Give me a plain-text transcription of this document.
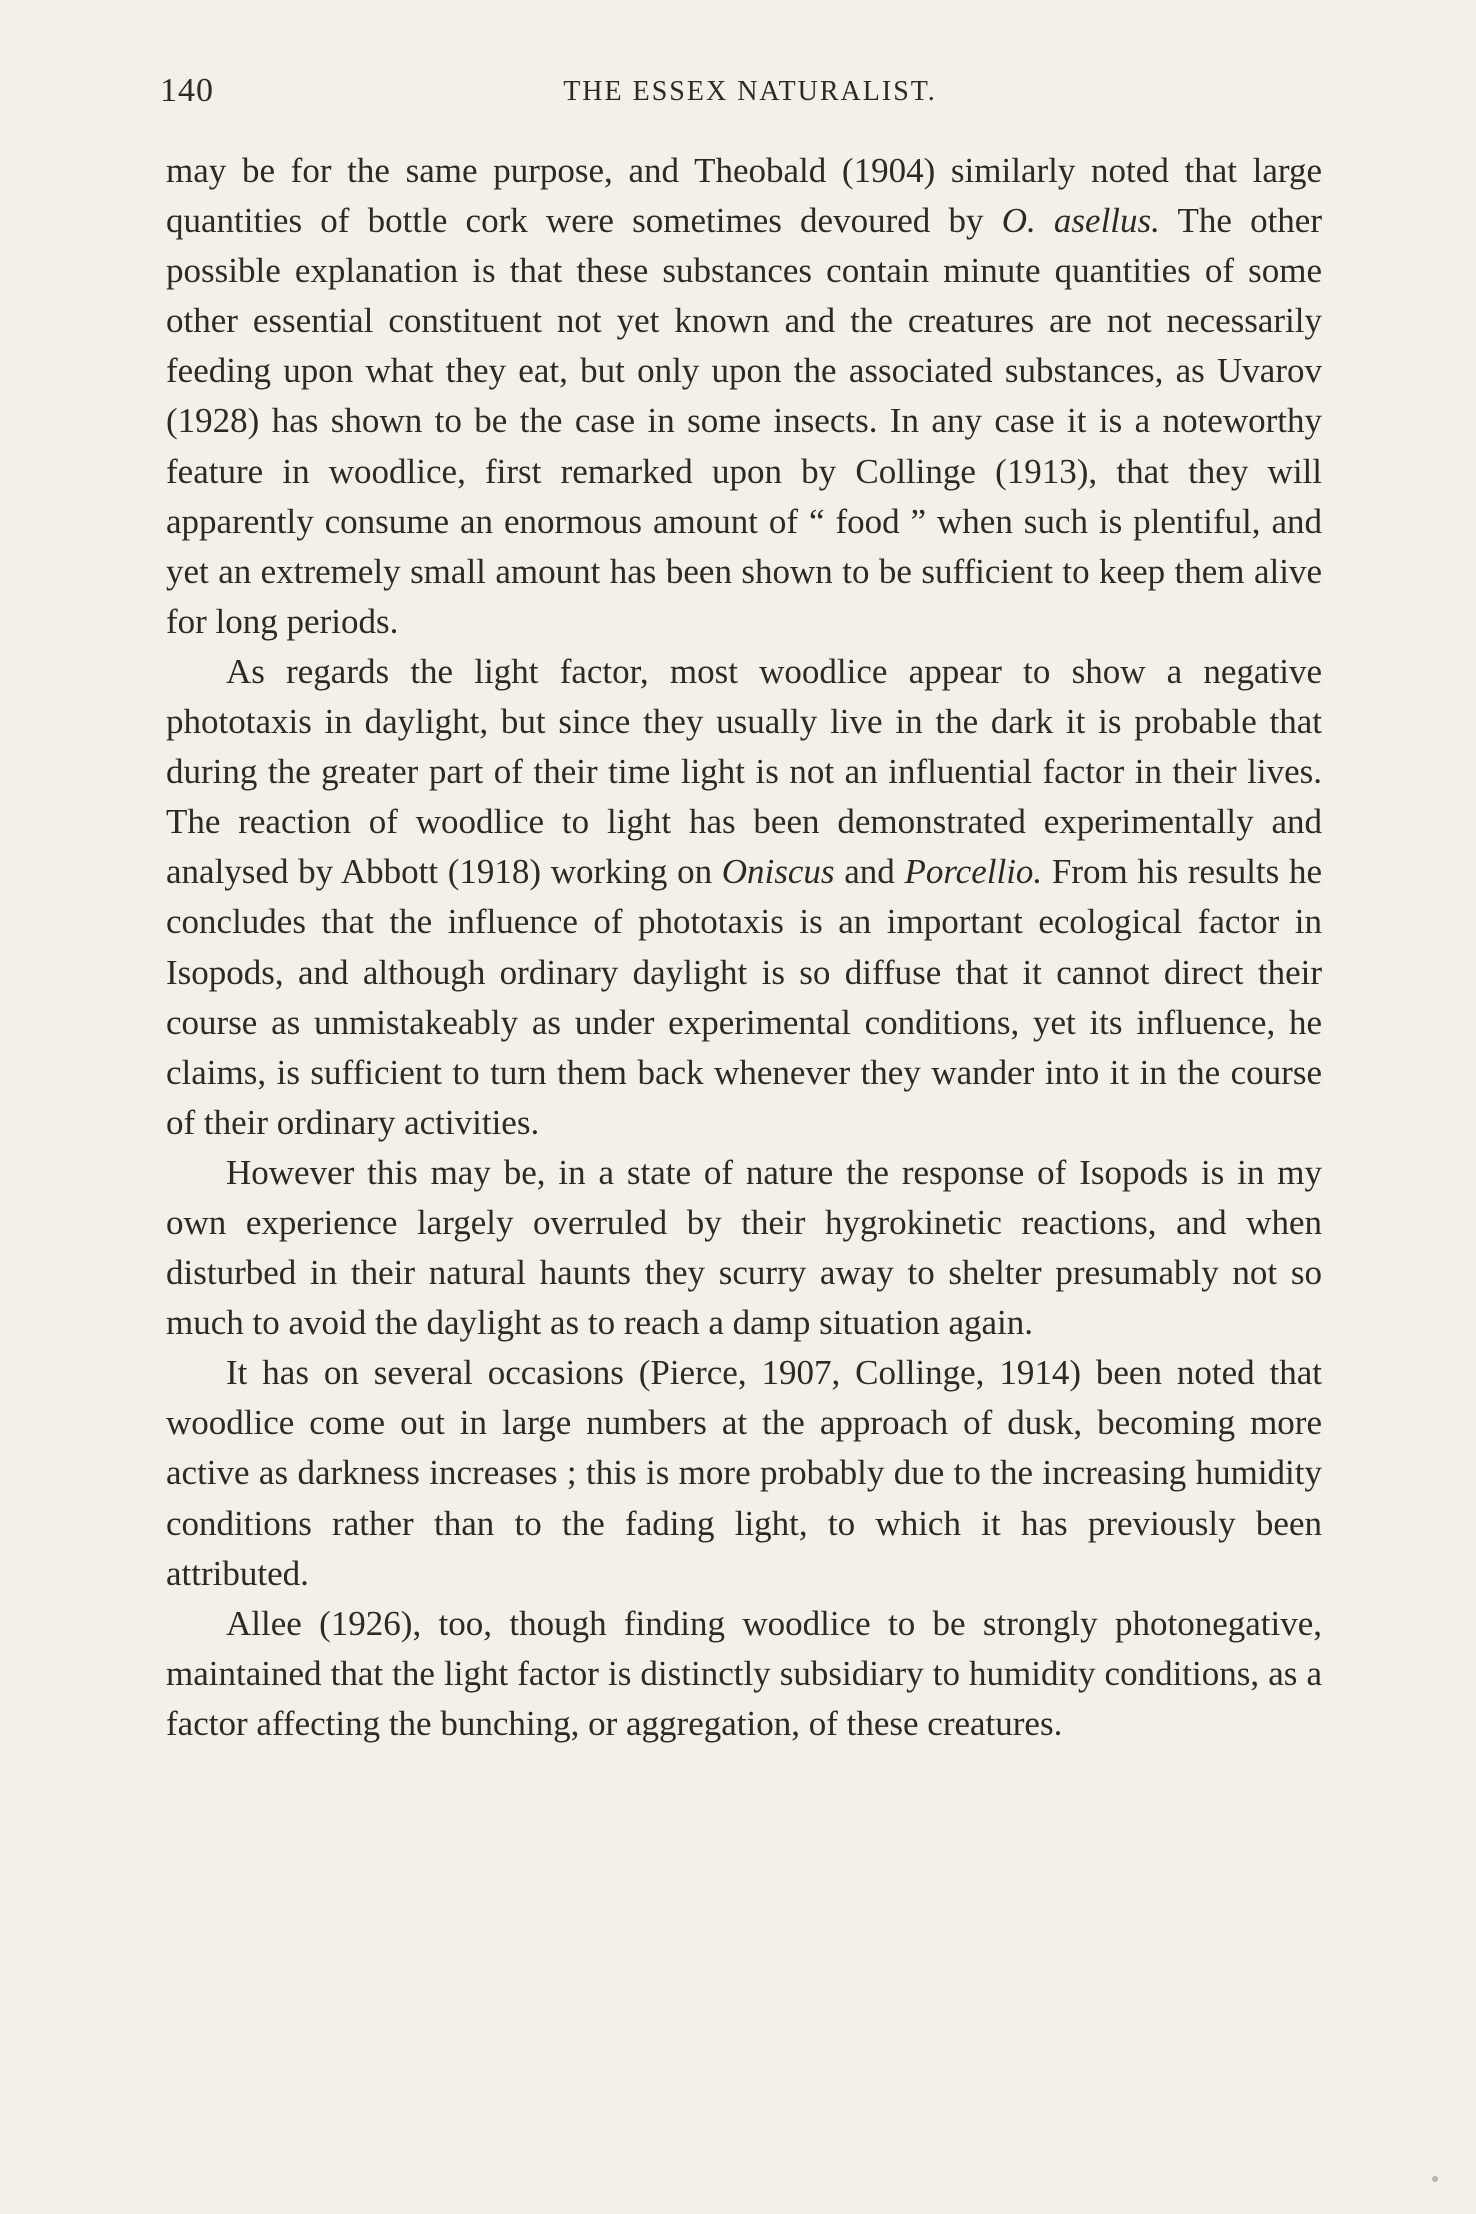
140	THE ESSEX NATURALIST.

may be for the same purpose, and Theobald (1904) similarly noted that large quantities of bottle cork were sometimes devoured by O. asellus. The other possible explanation is that these substances contain minute quantities of some other essential constituent not yet known and the creatures are not necessarily feeding upon what they eat, but only upon the associated substances, as Uvarov (1928) has shown to be the case in some insects. In any case it is a noteworthy feature in woodlice, first remarked upon by Collinge (1913), that they will apparently consume an enormous amount of “ food ” when such is plentiful, and yet an extremely small amount has been shown to be sufficient to keep them alive for long periods.

As regards the light factor, most woodlice appear to show a negative phototaxis in daylight, but since they usually live in the dark it is probable that during the greater part of their time light is not an influential factor in their lives. The reaction of woodlice to light has been demonstrated experimentally and analysed by Abbott (1918) working on Oniscus and Porcellio. From his results he concludes that the influence of phototaxis is an important ecological factor in Isopods, and although ordinary daylight is so diffuse that it cannot direct their course as unmistakeably as under experimental conditions, yet its influence, he claims, is sufficient to turn them back whenever they wander into it in the course of their ordinary activities.

However this may be, in a state of nature the response of Isopods is in my own experience largely overruled by their hygrokinetic reactions, and when disturbed in their natural haunts they scurry away to shelter presumably not so much to avoid the daylight as to reach a damp situation again.

It has on several occasions (Pierce, 1907, Collinge, 1914) been noted that woodlice come out in large numbers at the approach of dusk, becoming more active as darkness increases ; this is more probably due to the increasing humidity conditions rather than to the fading light, to which it has previously been attributed.

Allee (1926), too, though finding woodlice to be strongly photonegative, maintained that the light factor is distinctly subsidiary to humidity conditions, as a factor affecting the bunching, or aggregation, of these creatures.
